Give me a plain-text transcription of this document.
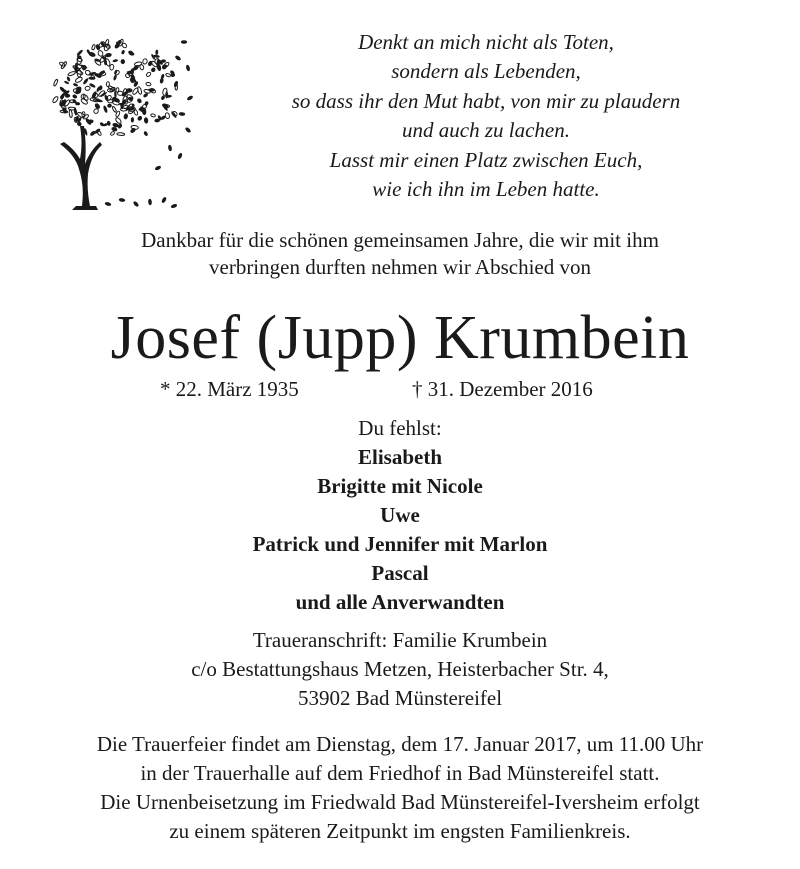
Denkt an mich nicht als Toten,
sondern als Lebenden,
so dass ihr den Mut habt, von mir zu plaudern
und auch zu lachen.
Lasst mir einen Platz zwischen Euch,
wie ich ihn im Leben hatte.
Dankbar für die schönen gemeinsamen Jahre, die wir mit ihm
verbringen durften nehmen wir Abschied von
Josef (Jupp) Krumbein
* 22. März 1935	† 31. Dezember 2016
Du fehlst:
Elisabeth
Brigitte mit Nicole
Uwe
Patrick und Jennifer mit Marlon
Pascal
und alle Anverwandten
Traueranschrift: Familie Krumbein
c/o Bestattungshaus Metzen, Heisterbacher Str. 4,
53902 Bad Münstereifel
Die Trauerfeier findet am Dienstag, dem 17. Januar 2017, um 11.00 Uhr
in der Trauerhalle auf dem Friedhof in Bad Münstereifel statt.
Die Urnenbeisetzung im Friedwald Bad Münstereifel-Iversheim erfolgt
zu einem späteren Zeitpunkt im engsten Familienkreis.
